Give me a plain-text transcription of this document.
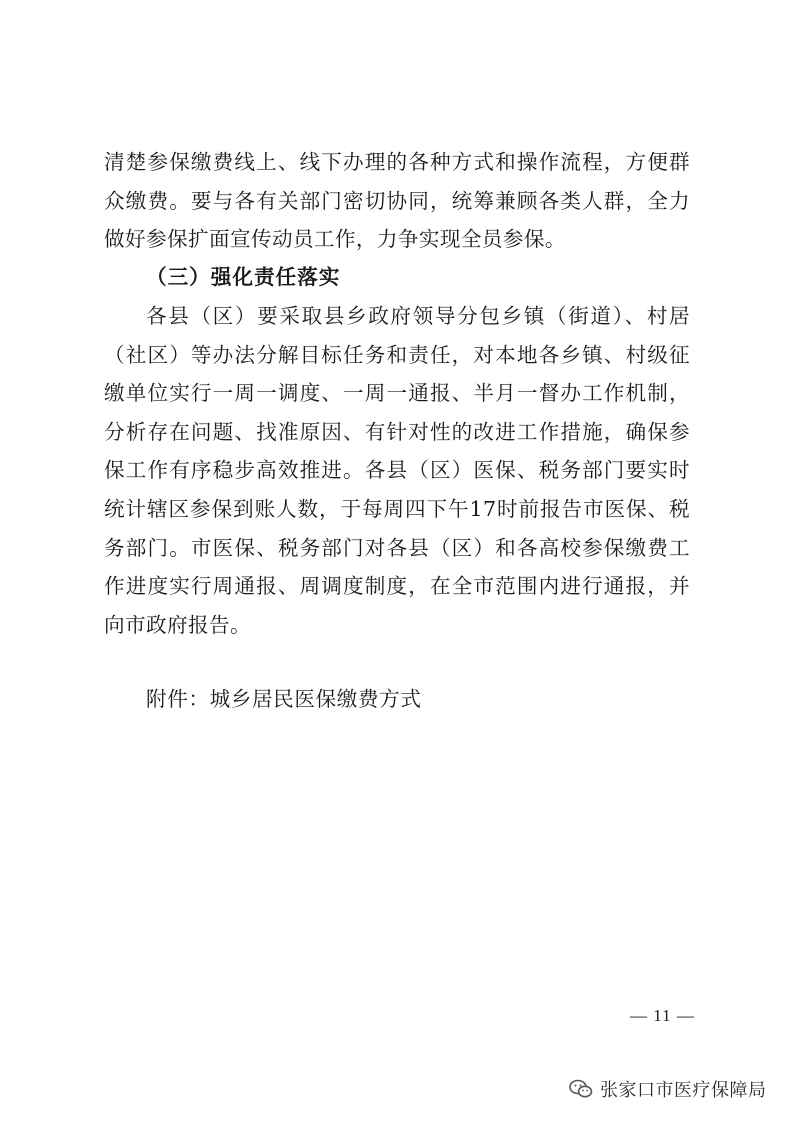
清楚参保缴费线上、线下办理的各种方式和操作流程，方便群众缴费。要与各有关部门密切协同，统筹兼顾各类人群，全力做好参保扩面宣传动员工作，力争实现全员参保。

（三）强化责任落实

各县（区）要采取县乡政府领导分包乡镇（街道）、村居（社区）等办法分解目标任务和责任，对本地各乡镇、村级征缴单位实行一周一调度、一周一通报、半月一督办工作机制，分析存在问题、找准原因、有针对性的改进工作措施，确保参保工作有序稳步高效推进。各县（区）医保、税务部门要实时统计辖区参保到账人数，于每周四下午17时前报告市医保、税务部门。市医保、税务部门对各县（区）和各高校参保缴费工作进度实行周通报、周调度制度，在全市范围内进行通报，并向市政府报告。

附件：城乡居民医保缴费方式

— 11 —
张家口市医疗保障局
